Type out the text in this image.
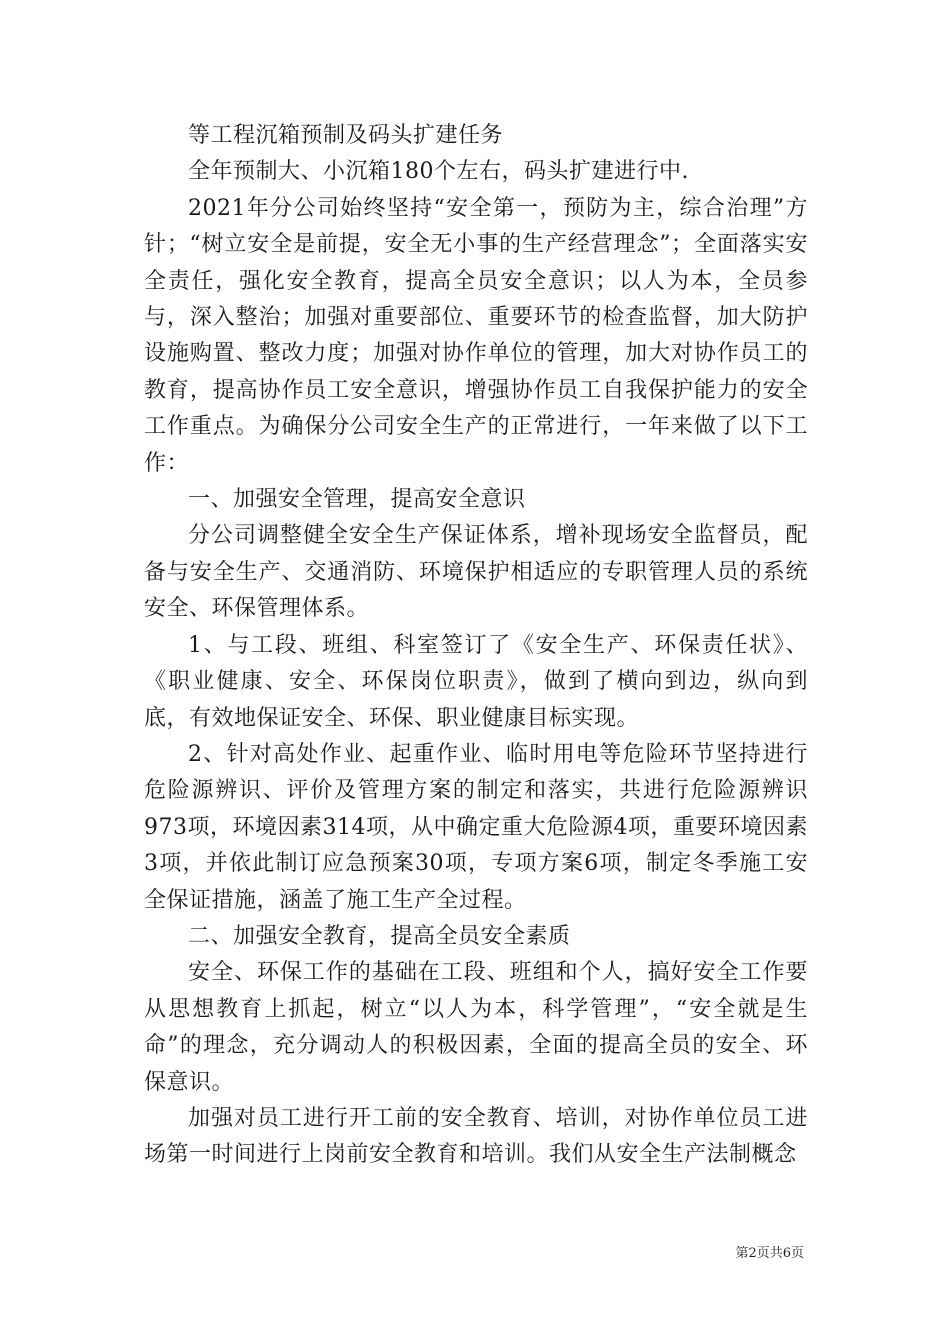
等工程沉箱预制及码头扩建任务

全年预制大、小沉箱180个左右，码头扩建进行中.

2021年分公司始终坚持“安全第一，预防为主，综合治理”方针；“树立安全是前提，安全无小事的生产经营理念”；全面落实安全责任，强化安全教育，提高全员安全意识；以人为本，全员参与，深入整治；加强对重要部位、重要环节的检查监督，加大防护设施购置、整改力度；加强对协作单位的管理，加大对协作员工的教育，提高协作员工安全意识，增强协作员工自我保护能力的安全工作重点。为确保分公司安全生产的正常进行，一年来做了以下工作：

一、加强安全管理，提高安全意识

分公司调整健全安全生产保证体系，增补现场安全监督员，配备与安全生产、交通消防、环境保护相适应的专职管理人员的系统安全、环保管理体系。

1、与工段、班组、科室签订了《安全生产、环保责任状》、《职业健康、安全、环保岗位职责》，做到了横向到边，纵向到底，有效地保证安全、环保、职业健康目标实现。

2、针对高处作业、起重作业、临时用电等危险环节坚持进行危险源辨识、评价及管理方案的制定和落实，共进行危险源辨识973项，环境因素314项，从中确定重大危险源4项，重要环境因素3项，并依此制订应急预案30项，专项方案6项，制定冬季施工安全保证措施，涵盖了施工生产全过程。

二、加强安全教育，提高全员安全素质

安全、环保工作的基础在工段、班组和个人，搞好安全工作要从思想教育上抓起，树立“以人为本，科学管理”，“安全就是生命”的理念，充分调动人的积极因素，全面的提高全员的安全、环保意识。

加强对员工进行开工前的安全教育、培训，对协作单位员工进场第一时间进行上岗前安全教育和培训。我们从安全生产法制概念

第2页共6页
